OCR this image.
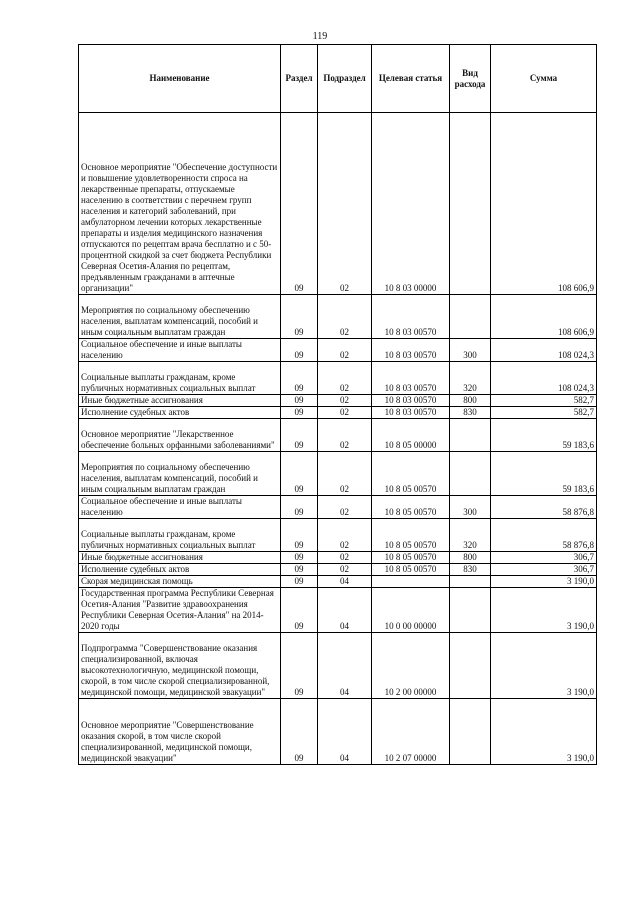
119
Наименование	Раздел	Подраздел	Целевая статья	Вид расхода	Сумма
Основное мероприятие "Обеспечение доступности и повышение удовлетворенности спроса на лекарственные препараты, отпускаемые населению в соответствии с перечнем групп населения и категорий заболеваний, при амбулаторном лечении которых лекарственные препараты и изделия медицинского назначения отпускаются по рецептам врача бесплатно и с 50-процентной скидкой за счет бюджета Республики Северная Осетия-Алания по рецептам, предъявленным гражданами в аптечные организации"	09	02	10 8 03 00000		108 606,9
Мероприятия по социальному обеспечению населения, выплатам компенсаций, пособий и иным социальным выплатам граждан	09	02	10 8 03 00570		108 606,9
Социальное обеспечение и иные выплаты населению	09	02	10 8 03 00570	300	108 024,3
Социальные выплаты гражданам, кроме публичных нормативных социальных выплат	09	02	10 8 03 00570	320	108 024,3
Иные бюджетные ассигнования	09	02	10 8 03 00570	800	582,7
Исполнение судебных актов	09	02	10 8 03 00570	830	582,7
Основное мероприятие "Лекарственное обеспечение больных орфанными заболеваниями"	09	02	10 8 05 00000		59 183,6
Мероприятия по социальному обеспечению населения, выплатам компенсаций, пособий и иным социальным выплатам граждан	09	02	10 8 05 00570		59 183,6
Социальное обеспечение и иные выплаты населению	09	02	10 8 05 00570	300	58 876,8
Социальные выплаты гражданам, кроме публичных нормативных социальных выплат	09	02	10 8 05 00570	320	58 876,8
Иные бюджетные ассигнования	09	02	10 8 05 00570	800	306,7
Исполнение судебных актов	09	02	10 8 05 00570	830	306,7
Скорая медицинская помощь	09	04			3 190,0
Государственная программа Республики Северная Осетия-Алания "Развитие здравоохранения Республики Северная Осетия-Алания" на 2014-2020 годы	09	04	10 0 00 00000		3 190,0
Подпрограмма "Совершенствование оказания специализированной, включая высокотехнологичную, медицинской помощи, скорой, в том числе скорой специализированной, медицинской помощи, медицинской эвакуации"	09	04	10 2 00 00000		3 190,0
Основное мероприятие "Совершенствование оказания скорой, в том числе скорой специализированной, медицинской помощи, медицинской эвакуации"	09	04	10 2 07 00000		3 190,0
